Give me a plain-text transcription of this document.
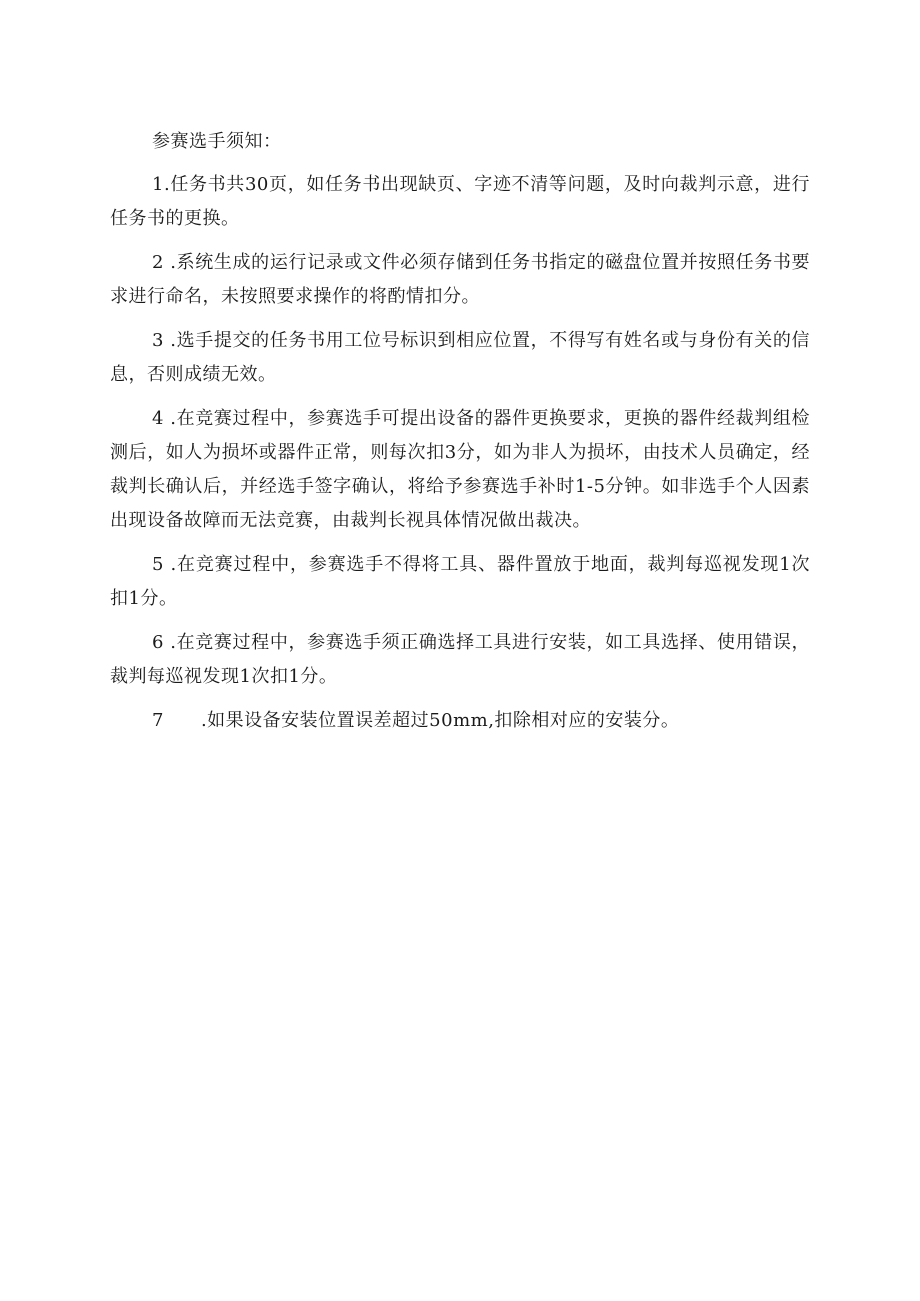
参赛选手须知：

1.任务书共30页，如任务书出现缺页、字迹不清等问题，及时向裁判示意，进行任务书的更换。

2 .系统生成的运行记录或文件必须存储到任务书指定的磁盘位置并按照任务书要求进行命名，未按照要求操作的将酌情扣分。

3 .选手提交的任务书用工位号标识到相应位置，不得写有姓名或与身份有关的信息，否则成绩无效。

4 .在竞赛过程中，参赛选手可提出设备的器件更换要求，更换的器件经裁判组检测后，如人为损坏或器件正常，则每次扣3分，如为非人为损坏，由技术人员确定，经裁判长确认后，并经选手签字确认，将给予参赛选手补时1-5分钟。如非选手个人因素出现设备故障而无法竞赛，由裁判长视具体情况做出裁决。

5 .在竞赛过程中，参赛选手不得将工具、器件置放于地面，裁判每巡视发现1次扣1分。

6 .在竞赛过程中，参赛选手须正确选择工具进行安装，如工具选择、使用错误，裁判每巡视发现1次扣1分。

7　　.如果设备安装位置误差超过50mm,扣除相对应的安装分。
